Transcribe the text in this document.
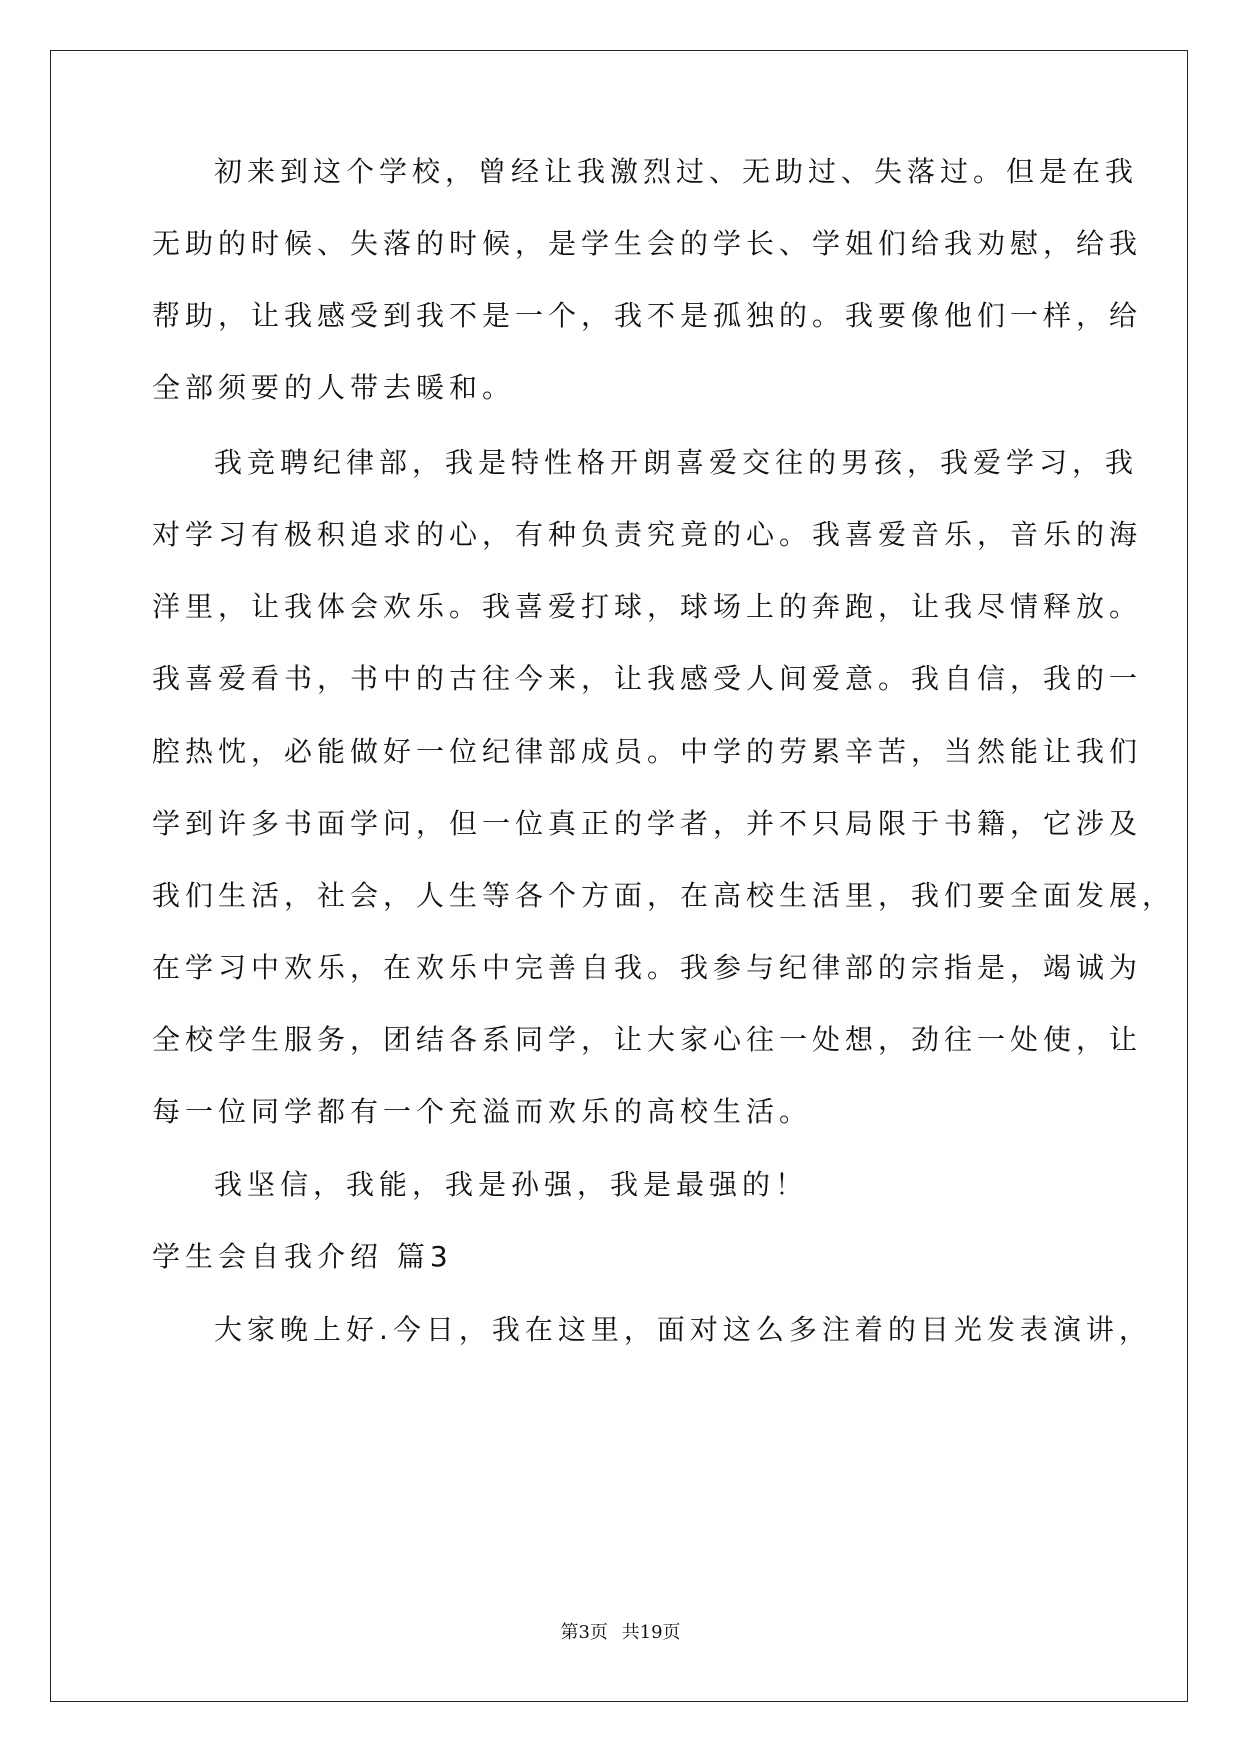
初来到这个学校，曾经让我激烈过、无助过、失落过。但是在我
无助的时候、失落的时候，是学生会的学长、学姐们给我劝慰，给我
帮助，让我感受到我不是一个，我不是孤独的。我要像他们一样，给
全部须要的人带去暖和。
我竞聘纪律部，我是特性格开朗喜爱交往的男孩，我爱学习，我
对学习有极积追求的心，有种负责究竟的心。我喜爱音乐，音乐的海
洋里，让我体会欢乐。我喜爱打球，球场上的奔跑，让我尽情释放。
我喜爱看书，书中的古往今来，让我感受人间爱意。我自信，我的一
腔热忱，必能做好一位纪律部成员。中学的劳累辛苦，当然能让我们
学到许多书面学问，但一位真正的学者，并不只局限于书籍，它涉及
我们生活，社会，人生等各个方面，在高校生活里，我们要全面发展，
在学习中欢乐，在欢乐中完善自我。我参与纪律部的宗指是，竭诚为
全校学生服务，团结各系同学，让大家心往一处想，劲往一处使，让
每一位同学都有一个充溢而欢乐的高校生活。
我坚信，我能，我是孙强，我是最强的！
学生会自我介绍 篇3
大家晚上好.今日，我在这里，面对这么多注着的目光发表演讲，
第3页 共19页
